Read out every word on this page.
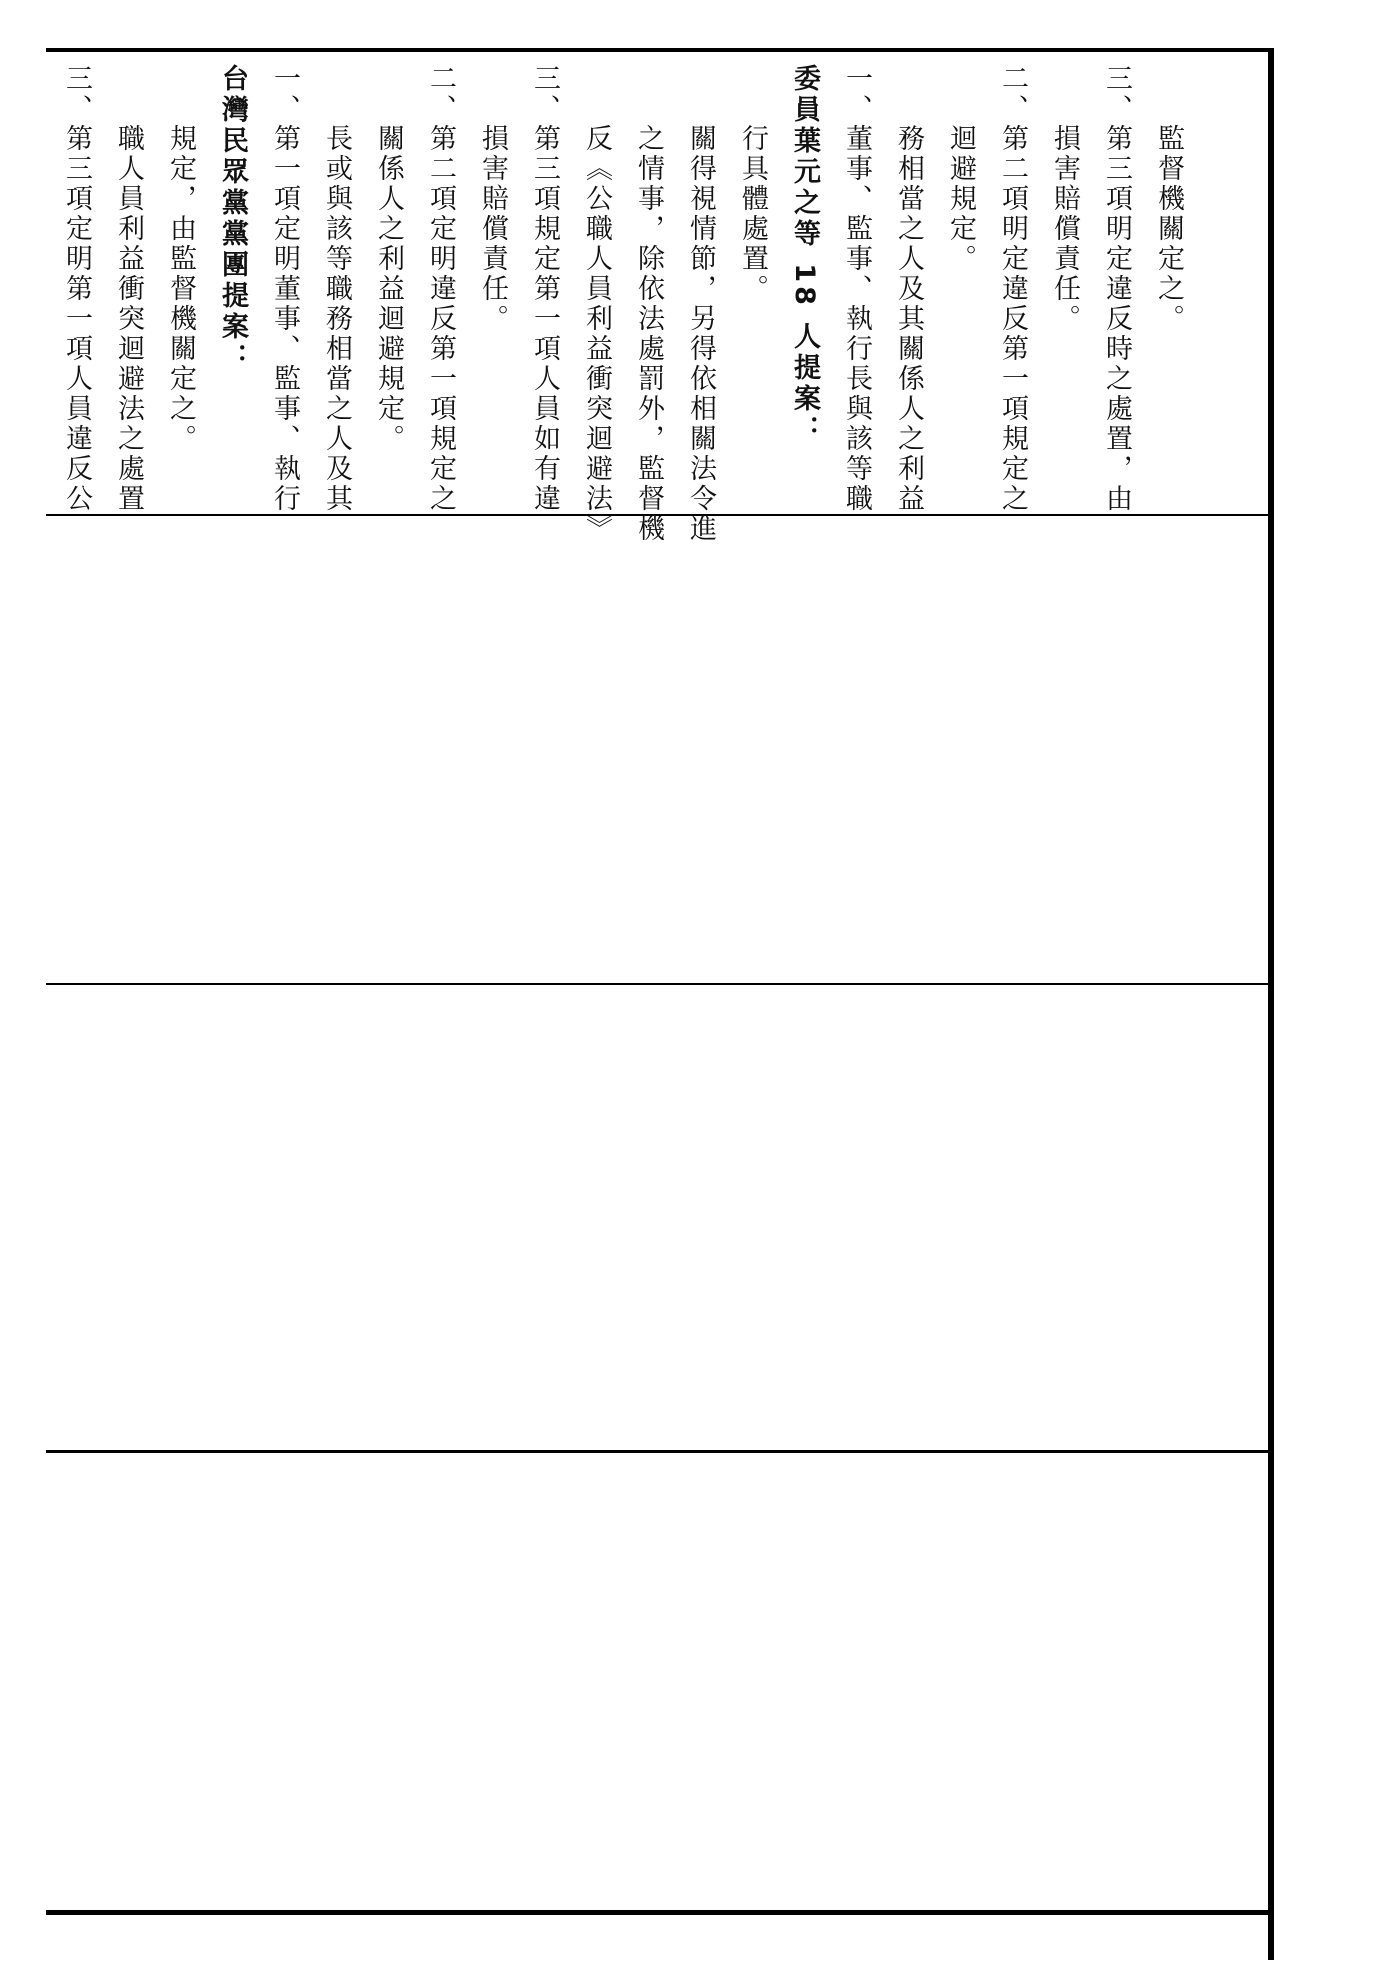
三、第三項定明第一項人員違反公 職人員利益衝突迴避法之處置 規定，由監督機關定之。 台灣民眾黨黨團提案： 一、第一項定明董事、監事、執行 長或與該等職務相當之人及其 關係人之利益迴避規定。 二、第二項定明違反第一項規定之 損害賠償責任。 三、第三項規定第一項人員如有違 反《公職人員利益衝突迴避法》 之情事，除依法處罰外，監督機 關得視情節，另得依相關法令進 行具體處置。 委員葉元之等 18 人提案： 一、董事、監事、執行長與該等職 務相當之人及其關係人之利益 迴避規定。 二、第二項明定違反第一項規定之 損害賠償責任。 三、第三項明定違反時之處置，由 監督機關定之。
